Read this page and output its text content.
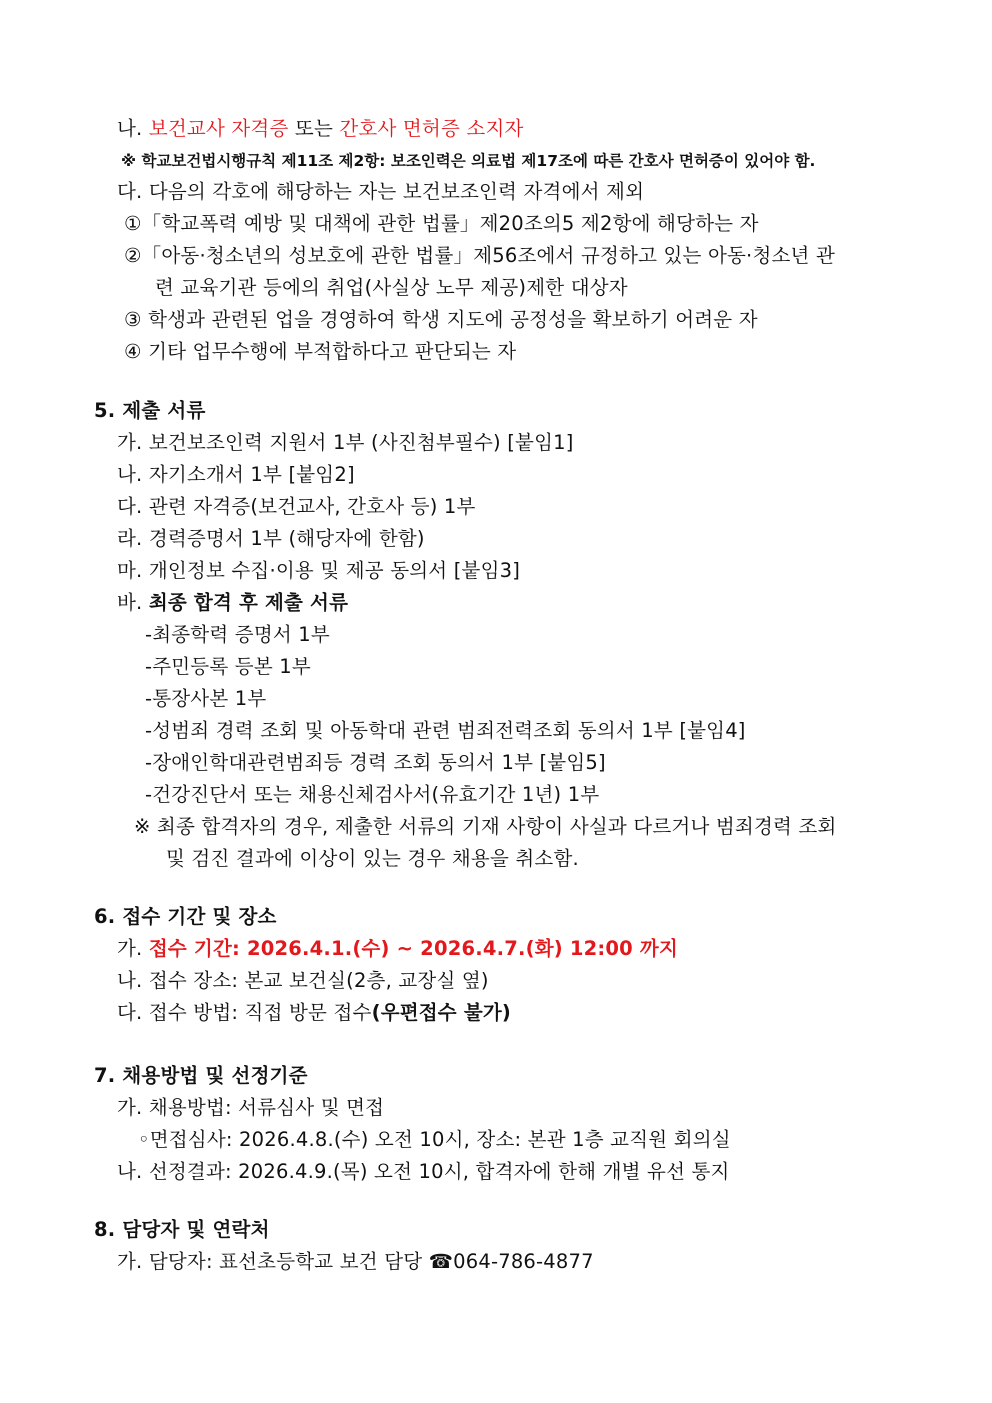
나. 보건교사 자격증 또는 간호사 면허증 소지자
※ 학교보건법시행규칙 제11조 제2항: 보조인력은 의료법 제17조에 따른 간호사 면허증이 있어야 함.
다. 다음의 각호에 해당하는 자는 보건보조인력 자격에서 제외
①「학교폭력 예방 및 대책에 관한 법률」제20조의5 제2항에 해당하는 자
②「아동·청소년의 성보호에 관한 법률」제56조에서 규정하고 있는 아동·청소년 관
련 교육기관 등에의 취업(사실상 노무 제공)제한 대상자
③ 학생과 관련된 업을 경영하여 학생 지도에 공정성을 확보하기 어려운 자
④ 기타 업무수행에 부적합하다고 판단되는 자
5. 제출 서류
가. 보건보조인력 지원서 1부 (사진첨부필수) [붙임1]
나. 자기소개서 1부 [붙임2]
다. 관련 자격증(보건교사, 간호사 등) 1부
라. 경력증명서 1부 (해당자에 한함)
마. 개인정보 수집·이용 및 제공 동의서 [붙임3]
바. 최종 합격 후 제출 서류
-최종학력 증명서 1부
-주민등록 등본 1부
-통장사본 1부
-성범죄 경력 조회 및 아동학대 관련 범죄전력조회 동의서 1부 [붙임4]
-장애인학대관련범죄등 경력 조회 동의서 1부 [붙임5]
-건강진단서 또는 채용신체검사서(유효기간 1년) 1부
※ 최종 합격자의 경우, 제출한 서류의 기재 사항이 사실과 다르거나 범죄경력 조회
및 검진 결과에 이상이 있는 경우 채용을 취소함.
6. 접수 기간 및 장소
가. 접수 기간: 2026.4.1.(수) ~ 2026.4.7.(화) 12:00 까지
나. 접수 장소: 본교 보건실(2층, 교장실 옆)
다. 접수 방법: 직접 방문 접수(우편접수 불가)
7. 채용방법 및 선정기준
가. 채용방법: 서류심사 및 면접
◦면접심사: 2026.4.8.(수) 오전 10시, 장소: 본관 1층 교직원 회의실
나. 선정결과: 2026.4.9.(목) 오전 10시, 합격자에 한해 개별 유선 통지
8. 담당자 및 연락처
가. 담당자: 표선초등학교 보건 담당 ☎064-786-4877
